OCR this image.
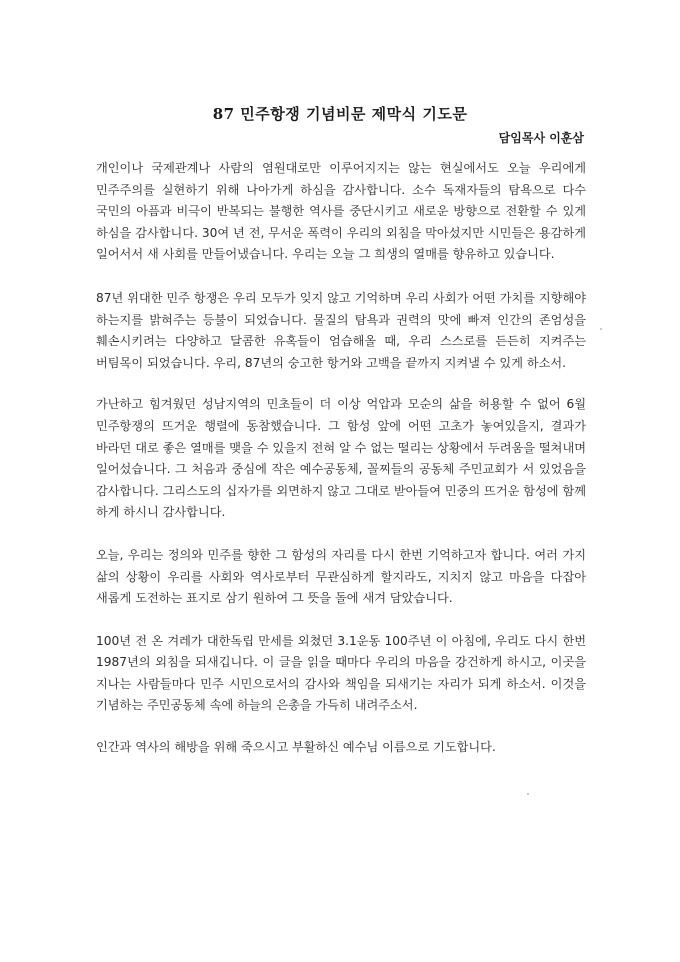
87 민주항쟁 기념비문 제막식 기도문
담임목사 이훈삼

개인이나 국제관계나 사람의 염원대로만 이루어지지는 않는 현실에서도 오늘 우리에게 민주주의를 실현하기 위해 나아가게 하심을 감사합니다. 소수 독재자들의 탐욕으로 다수 국민의 아픔과 비극이 반복되는 불행한 역사를 중단시키고 새로운 방향으로 전환할 수 있게 하심을 감사합니다. 30여 년 전, 무서운 폭력이 우리의 외침을 막아섰지만 시민들은 용감하게 일어서서 새 사회를 만들어냈습니다. 우리는 오늘 그 희생의 열매를 향유하고 있습니다.

87년 위대한 민주 항쟁은 우리 모두가 잊지 않고 기억하며 우리 사회가 어떤 가치를 지향해야 하는지를 밝혀주는 등불이 되었습니다. 물질의 탐욕과 권력의 맛에 빠져 인간의 존엄성을 훼손시키려는 다양하고 달콤한 유혹들이 엄습해올 때, 우리 스스로를 든든히 지켜주는 버팀목이 되었습니다. 우리, 87년의 숭고한 항거와 고백을 끝까지 지켜낼 수 있게 하소서.

가난하고 힘겨웠던 성남지역의 민초들이 더 이상 억압과 모순의 삶을 허용할 수 없어 6월 민주항쟁의 뜨거운 행렬에 동참했습니다. 그 함성 앞에 어떤 고초가 놓여있을지, 결과가 바라던 대로 좋은 열매를 맺을 수 있을지 전혀 알 수 없는 떨리는 상황에서 두려움을 떨쳐내며 일어섰습니다. 그 처음과 중심에 작은 예수공동체, 꼴찌들의 공동체 주민교회가 서 있었음을 감사합니다. 그리스도의 십자가를 외면하지 않고 그대로 받아들여 민중의 뜨거운 함성에 함께 하게 하시니 감사합니다.

오늘, 우리는 정의와 민주를 향한 그 함성의 자리를 다시 한번 기억하고자 합니다. 여러 가지 삶의 상황이 우리를 사회와 역사로부터 무관심하게 할지라도, 지치지 않고 마음을 다잡아 새롭게 도전하는 표지로 삼기 원하여 그 뜻을 돌에 새겨 담았습니다.

100년 전 온 겨레가 대한독립 만세를 외쳤던 3.1운동 100주년 이 아침에, 우리도 다시 한번 1987년의 외침을 되새깁니다. 이 글을 읽을 때마다 우리의 마음을 강건하게 하시고, 이곳을 지나는 사람들마다 민주 시민으로서의 감사와 책임을 되새기는 자리가 되게 하소서. 이것을 기념하는 주민공동체 속에 하늘의 은총을 가득히 내려주소서.

인간과 역사의 해방을 위해 죽으시고 부활하신 예수님 이름으로 기도합니다.
